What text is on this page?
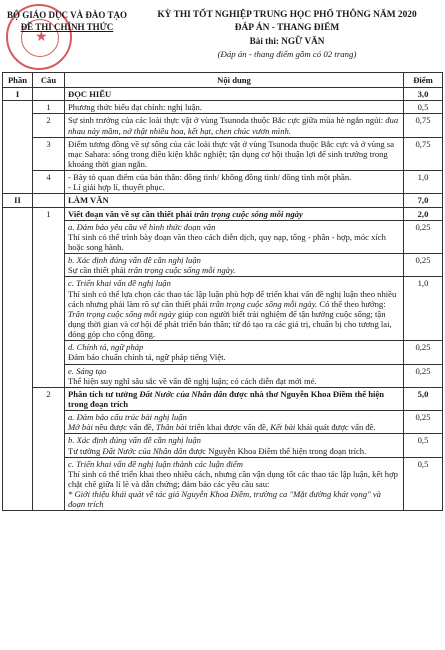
★
BỘ GIÁO DỤC VÀ ĐÀO TẠO
ĐỀ THI CHÍNH THỨC
KỲ THI TỐT NGHIỆP TRUNG HỌC PHỔ THÔNG NĂM 2020
ĐÁP ÁN - THANG ĐIỂM
Bài thi: NGỮ VĂN
(Đáp án - thang điểm gồm có 02 trang)
Phần	Câu	Nội dung	Điểm
I		ĐỌC HIỂU	3,0
	1	Phương thức biểu đạt chính: nghị luận.	0,5
	2	Sự sinh trưởng của các loài thực vật ở vùng Tsunoda thuộc Bắc cực giữa mùa hè ngắn ngủi: đua nhau nảy mầm, nở thật nhiều hoa, kết hạt, chen chúc vươn mình.	0,75
	3	Điểm tương đồng về sự sống của các loài thực vật ở vùng Tsunoda thuộc Bắc cực và ở vùng sa mạc Sahara: sống trong điều kiện khắc nghiệt; tận dụng cơ hội thuận lợi để sinh trưởng trong khoảng thời gian ngắn.	0,75
	4	- Bày tỏ quan điểm của bản thân: đồng tình/ không đồng tình/ đồng tình một phần.
- Lí giải hợp lí, thuyết phục.	1,0
II		LÀM VĂN	7,0
	1	Viết đoạn văn về sự cần thiết phải trân trọng cuộc sống mỗi ngày	2,0

		a. Đảm bảo yêu cầu về hình thức đoạn văn
Thí sinh có thể trình bày đoạn văn theo cách diễn dịch, quy nạp, tổng - phân - hợp, móc xích hoặc song hành.	0,25

		b. Xác định đúng vấn đề cần nghị luận
Sự cần thiết phải trân trọng cuộc sống mỗi ngày.	0,25

		c. Triển khai vấn đề nghị luận
Thí sinh có thể lựa chọn các thao tác lập luận phù hợp để triển khai vấn đề nghị luận theo nhiều cách nhưng phải làm rõ sự cần thiết phải trân trọng cuộc sống mỗi ngày. Có thể theo hướng:
Trân trọng cuộc sống mỗi ngày giúp con người biết trải nghiệm để tận hưởng cuộc sống; tận dụng thời gian và cơ hội để phát triển bản thân; từ đó tạo ra các giá trị, chuẩn bị cho tương lai, đóng góp cho cộng đồng.	1,0

		d. Chính tả, ngữ pháp
Đảm bảo chuẩn chính tả, ngữ pháp tiếng Việt.	0,25

		e. Sáng tạo
Thể hiện suy nghĩ sâu sắc về vấn đề nghị luận; có cách diễn đạt mới mẻ.	0,25
	2	Phân tích tư tưởng Đất Nước của Nhân dân được nhà thơ Nguyễn Khoa Điềm thể hiện trong đoạn trích	5,0

		a. Đảm bảo cấu trúc bài nghị luận
Mở bài nêu được vấn đề, Thân bài triển khai được vấn đề, Kết bài khái quát được vấn đề.	0,25

		b. Xác định đúng vấn đề cần nghị luận
Tư tưởng Đất Nước của Nhân dân được Nguyễn Khoa Điềm thể hiện trong đoạn trích.	0,5

		c. Triển khai vấn đề nghị luận thành các luận điểm
Thí sinh có thể triển khai theo nhiều cách, nhưng cần vận dụng tốt các thao tác lập luận, kết hợp chặt chẽ giữa lí lẽ và dẫn chứng; đảm bảo các yêu cầu sau:
* Giới thiệu khái quát về tác giả Nguyễn Khoa Điềm, trường ca "Mặt đường khát vọng" và đoạn trích	0,5
